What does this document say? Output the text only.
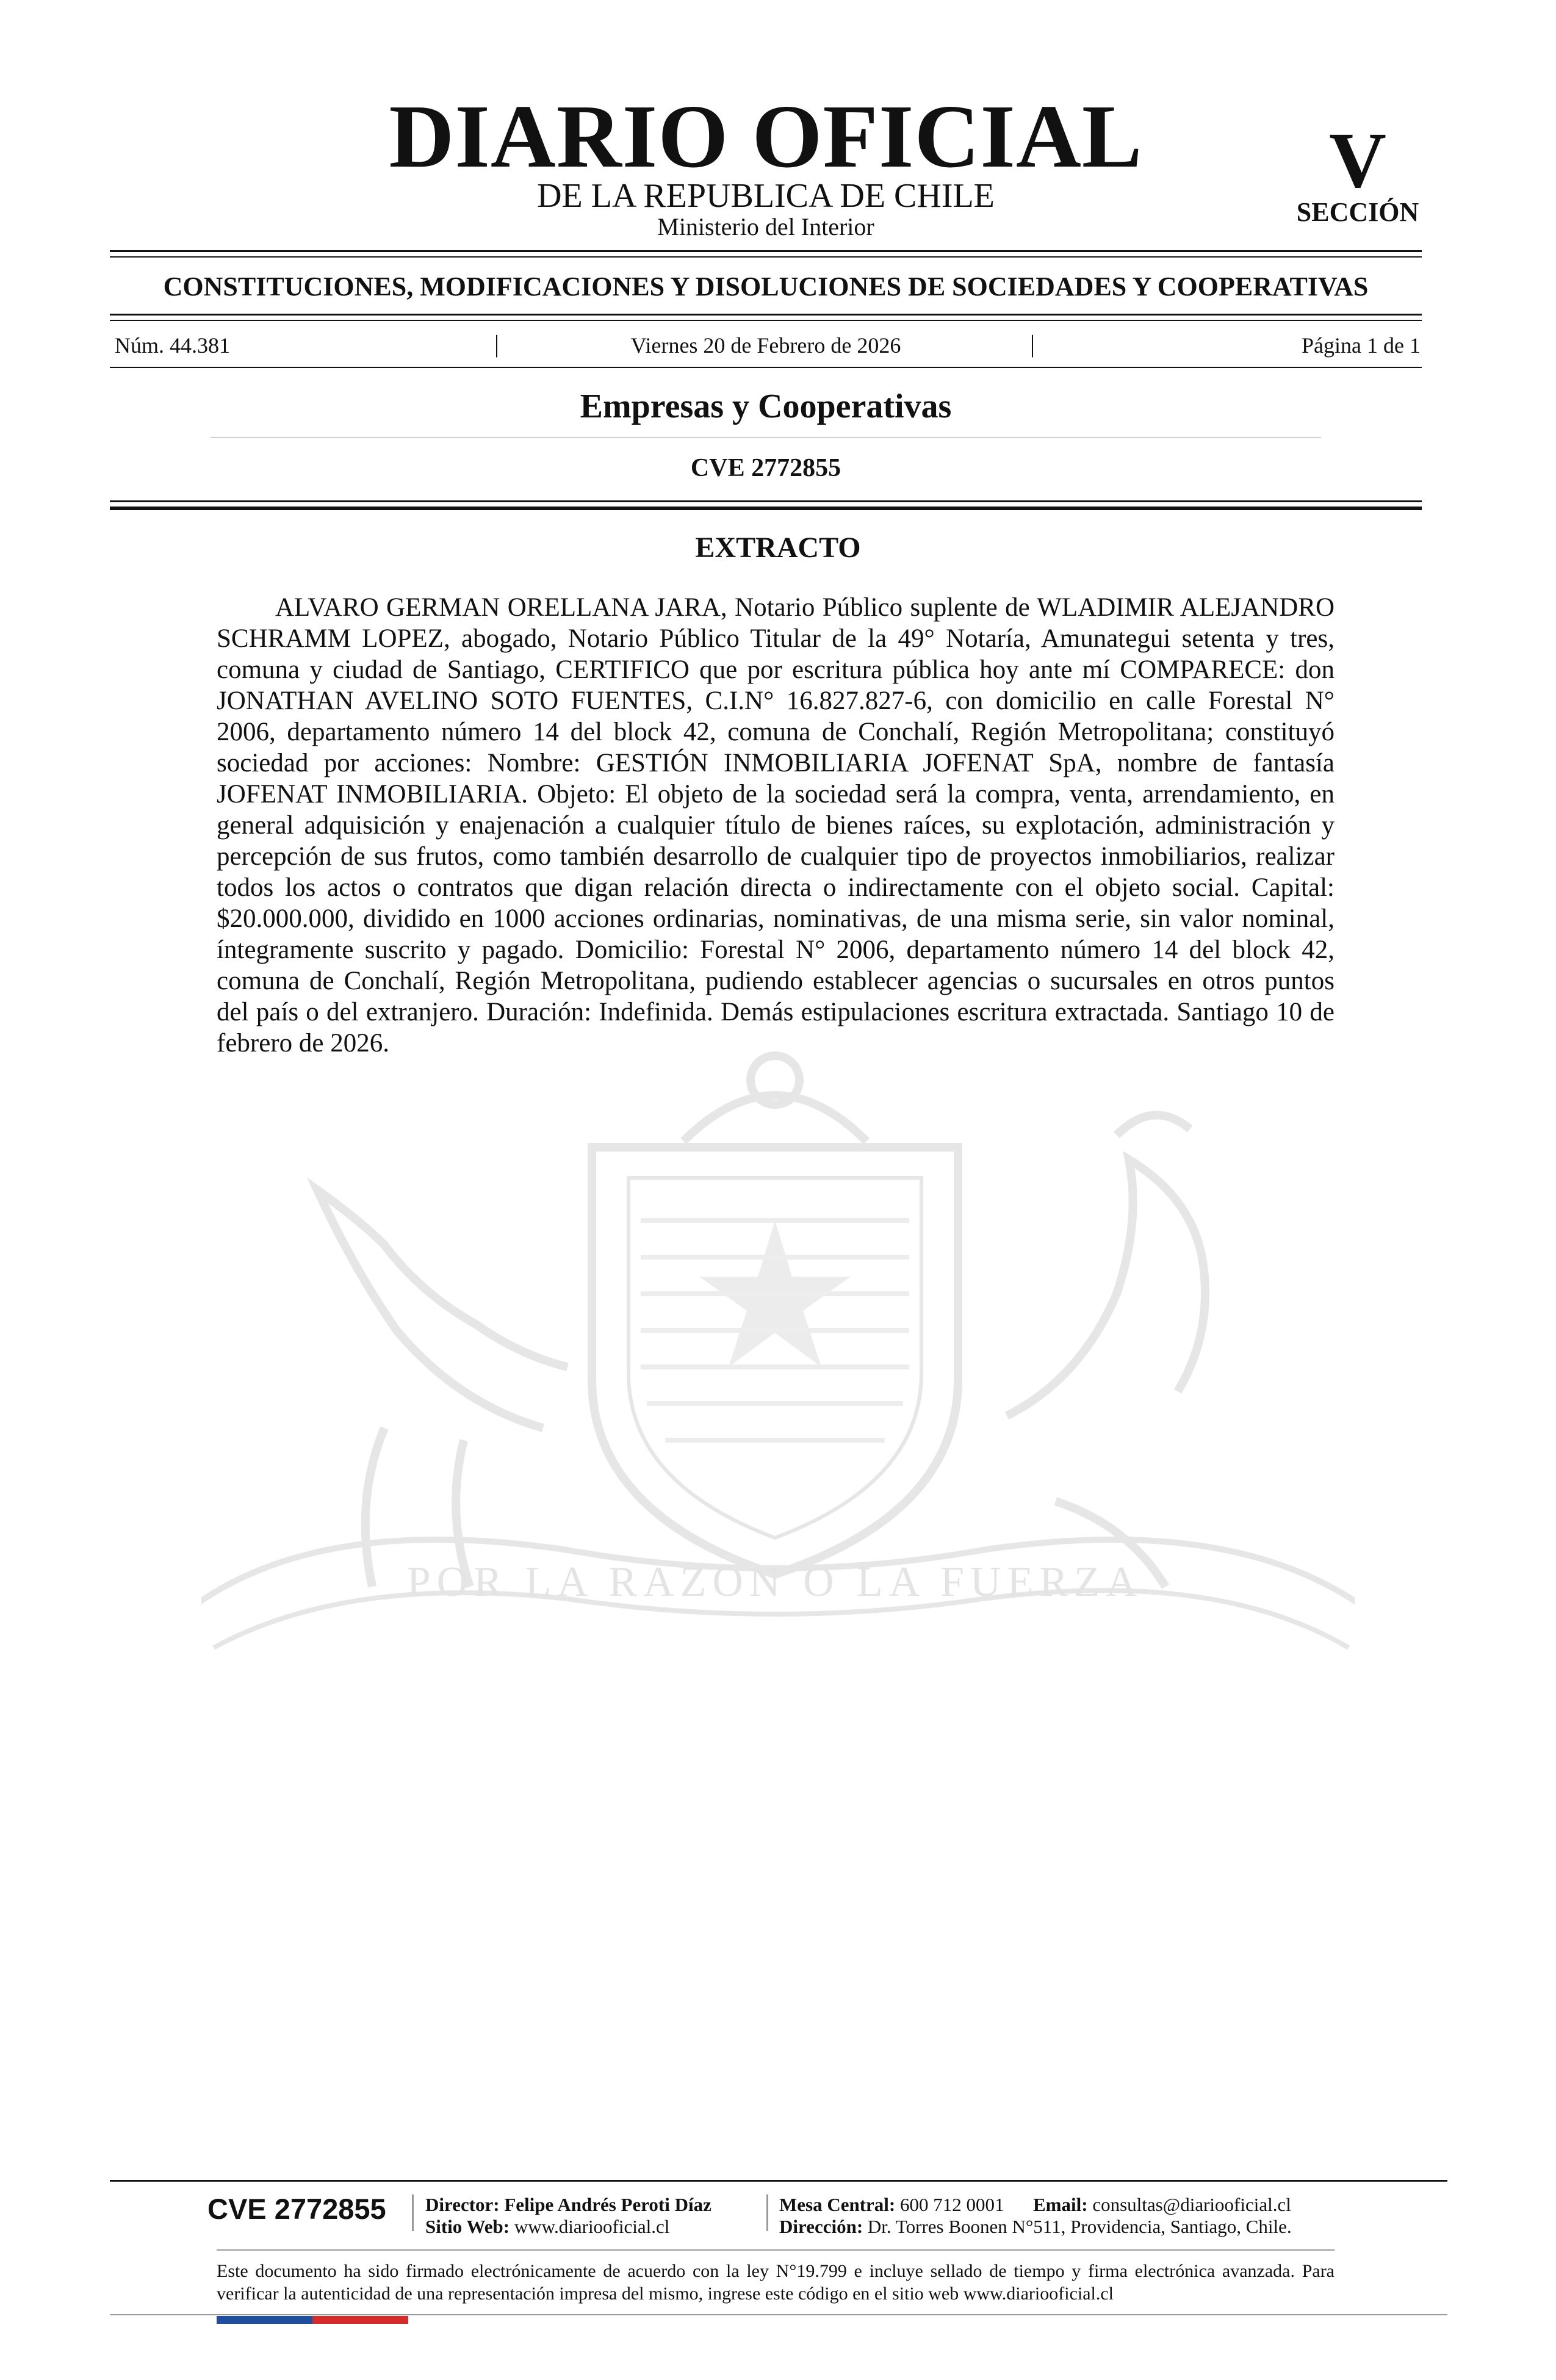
DIARIO OFICIAL
DE LA REPUBLICA DE CHILE
Ministerio del Interior
V
SECCIÓN
CONSTITUCIONES, MODIFICACIONES Y DISOLUCIONES DE SOCIEDADES Y COOPERATIVAS
Núm. 44.381	|	Viernes 20 de Febrero de 2026	|	Página 1 de 1
Empresas y Cooperativas
CVE 2772855
POR LA RAZON O LA FUERZA
EXTRACTO

ALVARO GERMAN ORELLANA JARA, Notario Público suplente de WLADIMIR ALEJANDRO SCHRAMM LOPEZ, abogado, Notario Público Titular de la 49° Notaría, Amunategui setenta y tres, comuna y ciudad de Santiago, CERTIFICO que por escritura pública hoy ante mí COMPARECE: don JONATHAN AVELINO SOTO FUENTES, C.I.N° 16.827.827-6, con domicilio en calle Forestal N° 2006, departamento número 14 del block 42, comuna de Conchalí, Región Metropolitana; constituyó sociedad por acciones: Nombre: GESTIÓN INMOBILIARIA JOFENAT SpA, nombre de fantasía JOFENAT INMOBILIARIA. Objeto: El objeto de la sociedad será la compra, venta, arrendamiento, en general adquisición y enajenación a cualquier título de bienes raíces, su explotación, administración y percepción de sus frutos, como también desarrollo de cualquier tipo de proyectos inmobiliarios, realizar todos los actos o contratos que digan relación directa o indirectamente con el objeto social. Capital: $20.000.000, dividido en 1000 acciones ordinarias, nominativas, de una misma serie, sin valor nominal, íntegramente suscrito y pagado. Domicilio: Forestal N° 2006, departamento número 14 del block 42, comuna de Conchalí, Región Metropolitana, pudiendo establecer agencias o sucursales en otros puntos del país o del extranjero. Duración: Indefinida. Demás estipulaciones escritura extractada. Santiago 10 de febrero de 2026.

CVE 2772855 Director: Felipe Andrés Peroti Díaz
Sitio Web: www.diariooficial.cl
Mesa Central: 600 712 0001 Email: consultas@diariooficial.cl
Dirección: Dr. Torres Boonen N°511, Providencia, Santiago, Chile.

Este documento ha sido firmado electrónicamente de acuerdo con la ley N°19.799 e incluye sellado de tiempo y firma electrónica avanzada. Para verificar la autenticidad de una representación impresa del mismo, ingrese este código en el sitio web www.diariooficial.cl
